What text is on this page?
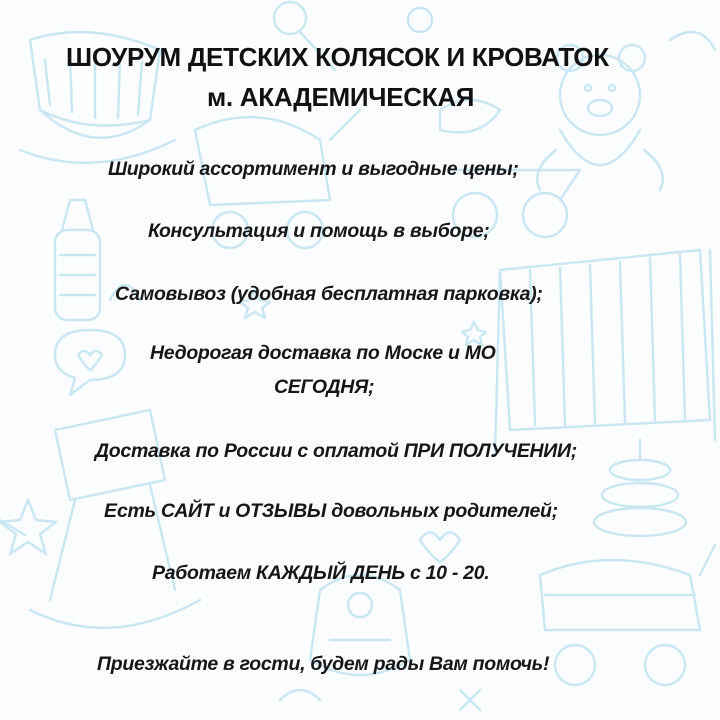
ШОУРУМ ДЕТСКИХ КОЛЯСОК И КРОВАТОК
м. АКАДЕМИЧЕСКАЯ
Широкий ассортимент и выгодные цены;
Консультация и помощь в выборе;
Самовывоз (удобная бесплатная парковка);
Недорогая доставка по Моске и МО
СЕГОДНЯ;
Доставка по России с оплатой ПРИ ПОЛУЧЕНИИ;
Есть САЙТ и ОТЗЫВЫ довольных родителей;
Работаем КАЖДЫЙ ДЕНЬ с 10 - 20.
Приезжайте в гости, будем рады Вам помочь!
